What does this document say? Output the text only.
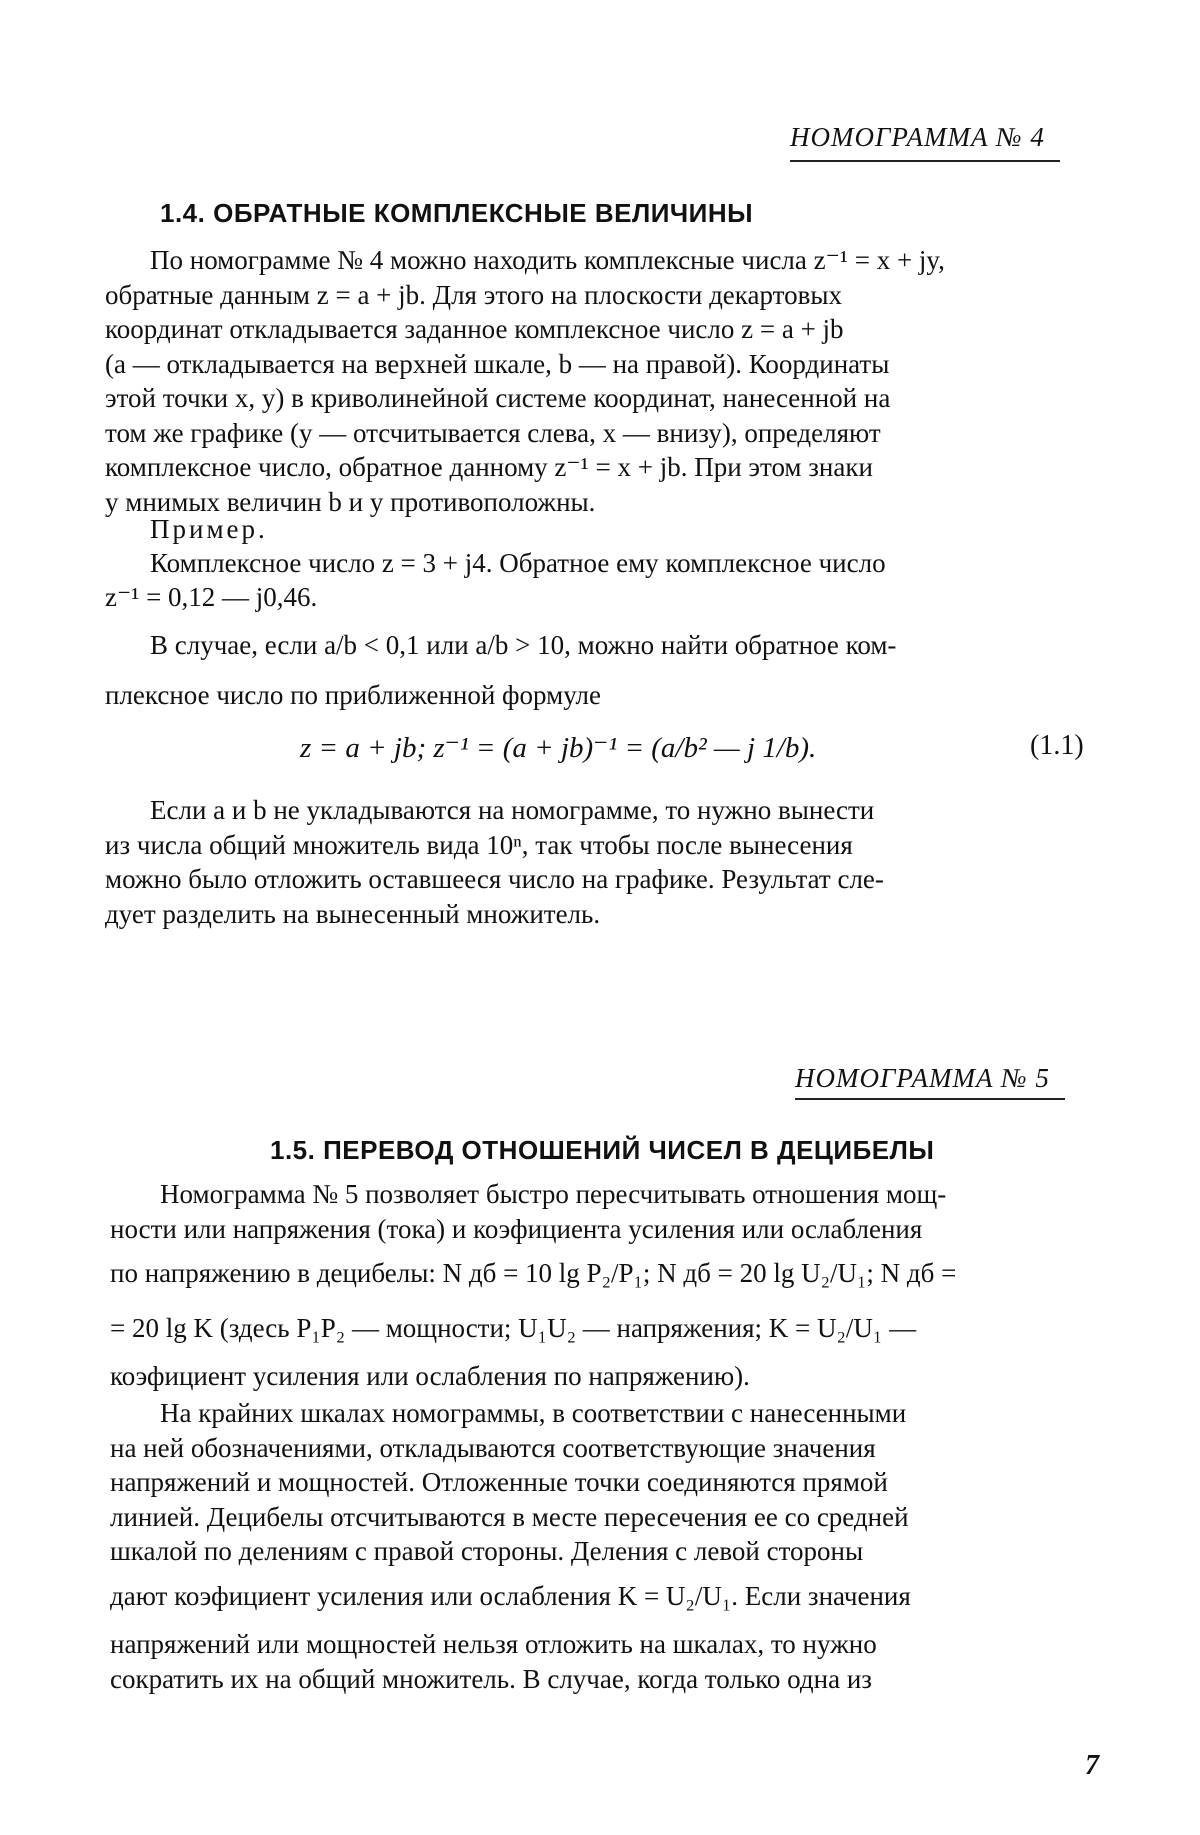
НОМОГРАММА № 4
1.4. ОБРАТНЫЕ КОМПЛЕКСНЫЕ ВЕЛИЧИНЫ
По номограмме № 4 можно находить комплексные числа z⁻¹ = x + jy,
обратные данным z = a + jb. Для этого на плоскости декартовых
координат откладывается заданное комплексное число z = a + jb
(a — откладывается на верхней шкале, b — на правой). Координаты
этой точки x, y) в криволинейной системе координат, нанесенной на
том же графике (y — отсчитывается слева, x — внизу), определяют
комплексное число, обратное данному z⁻¹ = x + jb. При этом знаки
у мнимых величин b и y противоположны.
Пример.
Комплексное число z = 3 + j4. Обратное ему комплексное число
z⁻¹ = 0,12 — j0,46.
В случае, если a/b < 0,1 или a/b > 10, можно найти обратное ком-
плексное число по приближенной формуле
z = a + jb; z⁻¹ = (a + jb)⁻¹ = (a/b² — j 1/b).	(1.1)
Если a и b не укладываются на номограмме, то нужно вынести
из числа общий множитель вида 10ⁿ, так чтобы после вынесения
можно было отложить оставшееся число на графике. Результат сле-
дует разделить на вынесенный множитель.
НОМОГРАММА № 5
1.5. ПЕРЕВОД ОТНОШЕНИЙ ЧИСЕЛ В ДЕЦИБЕЛЫ
Номограмма № 5 позволяет быстро пересчитывать отношения мощ-
ности или напряжения (тока) и коэфициента усиления или ослабления
по напряжению в децибелы: N дб = 10 lg P₂/P₁; N дб = 20 lg U₂/U₁; N дб =
= 20 lg K (здесь P₁P₂ — мощности; U₁U₂ — напряжения; K = U₂/U₁ —
коэфициент усиления или ослабления по напряжению).
На крайних шкалах номограммы, в соответствии с нанесенными
на ней обозначениями, откладываются соответствующие значения
напряжений и мощностей. Отложенные точки соединяются прямой
линией. Децибелы отсчитываются в месте пересечения ее со средней
шкалой по делениям с правой стороны. Деления с левой стороны
дают коэфициент усиления или ослабления K = U₂/U₁. Если значения
напряжений или мощностей нельзя отложить на шкалах, то нужно
сократить их на общий множитель. В случае, когда только одна из
7
